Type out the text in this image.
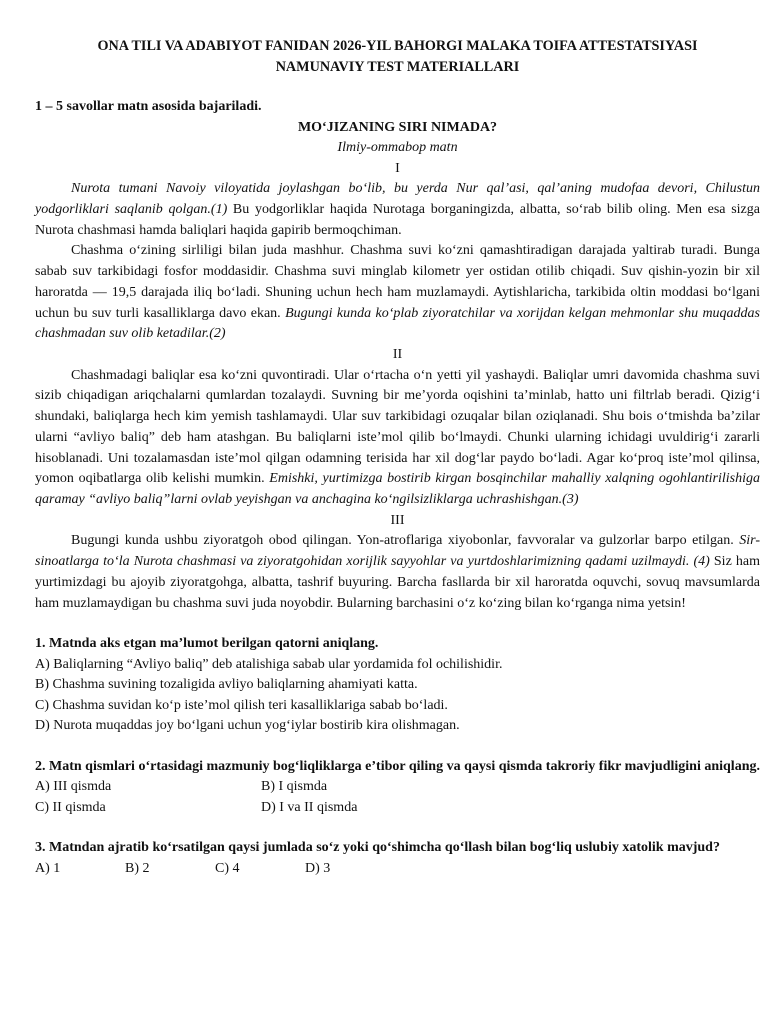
ONA TILI VA ADABIYOT FANIDAN 2026-YIL BAHORGI MALAKA TOIFA ATTESTATSIYASI
NAMUNAVIY TEST MATERIALLARI
1 – 5 savollar matn asosida bajariladi.
MO‘JIZANING SIRI NIMADA?
Ilmiy-ommabop matn
I

Nurota tumani Navoiy viloyatida joylashgan bo‘lib, bu yerda Nur qal’asi, qal’aning mudofaa devori, Chilustun yodgorliklari saqlanib qolgan.(1) Bu yodgorliklar haqida Nurotaga borganingizda, albatta, so‘rab bilib oling. Men esa sizga Nurota chashmasi hamda baliqlari haqida gapirib bermoqchiman.

Chashma o‘zining sirliligi bilan juda mashhur. Chashma suvi ko‘zni qamashtiradigan darajada yaltirab turadi. Bunga sabab suv tarkibidagi fosfor moddasidir. Chashma suvi minglab kilometr yer ostidan otilib chiqadi. Suv qishin-yozin bir xil haroratda — 19,5 darajada iliq bo‘ladi. Shuning uchun hech ham muzlamaydi. Aytishlaricha, tarkibida oltin moddasi bo‘lgani uchun bu suv turli kasalliklarga davo ekan. Bugungi kunda ko‘plab ziyoratchilar va xorijdan kelgan mehmonlar shu muqaddas chashmadan suv olib ketadilar.(2)

II

Chashmadagi baliqlar esa ko‘zni quvontiradi. Ular o‘rtacha o‘n yetti yil yashaydi. Baliqlar umri davomida chashma suvi sizib chiqadigan ariqchalarni qumlardan tozalaydi. Suvning bir me’yorda oqishini ta’minlab, hatto uni filtrlab beradi. Qizig‘i shundaki, baliqlarga hech kim yemish tashlamaydi. Ular suv tarkibidagi ozuqalar bilan oziqlanadi. Shu bois o‘tmishda ba’zilar ularni “avliyo baliq” deb ham atashgan. Bu baliqlarni iste’mol qilib bo‘lmaydi. Chunki ularning ichidagi uvuldirig‘i zararli hisoblanadi. Uni tozalamasdan iste’mol qilgan odamning terisida har xil dog‘lar paydo bo‘ladi. Agar ko‘proq iste’mol qilinsa, yomon oqibatlarga olib kelishi mumkin. Emishki, yurtimizga bostirib kirgan bosqinchilar mahalliy xalqning ogohlantirilishiga qaramay “avliyo baliq”larni ovlab yeyishgan va anchagina ko‘ngilsizliklarga uchrashishgan.(3)

III

Bugungi kunda ushbu ziyoratgoh obod qilingan. Yon-atroflariga xiyobonlar, favvoralar va gulzorlar barpo etilgan. Sir-sinoatlarga to‘la Nurota chashmasi va ziyoratgohidan xorijlik sayyohlar va yurtdoshlarimizning qadami uzilmaydi. (4) Siz ham yurtimizdagi bu ajoyib ziyoratgohga, albatta, tashrif buyuring. Barcha fasllarda bir xil haroratda oquvchi, sovuq mavsumlarda ham muzlamaydigan bu chashma suvi juda noyobdir. Bularning barchasini o‘z ko‘zing bilan ko‘rganga nima yetsin!

1. Matnda aks etgan ma’lumot berilgan qatorni aniqlang.
A) Baliqlarning “Avliyo baliq” deb atalishiga sabab ular yordamida fol ochilishidir.
B) Chashma suvining tozaligida avliyo baliqlarning ahamiyati katta.
C) Chashma suvidan ko‘p iste’mol qilish teri kasalliklariga sabab bo‘ladi.
D) Nurota muqaddas joy bo‘lgani uchun yog‘iylar bostirib kira olishmagan.
2. Matn qismlari o‘rtasidagi mazmuniy bog‘liqliklarga e’tibor qiling va qaysi qismda takroriy fikr mavjudligini aniqlang.
A) III qismda	B) I qismda
C) II qismda	D) I va II qismda
3. Matndan ajratib ko‘rsatilgan qaysi jumlada so‘z yoki qo‘shimcha qo‘llash bilan bog‘liq uslubiy xatolik mavjud?
A) 1	B) 2	C) 4	D) 3
